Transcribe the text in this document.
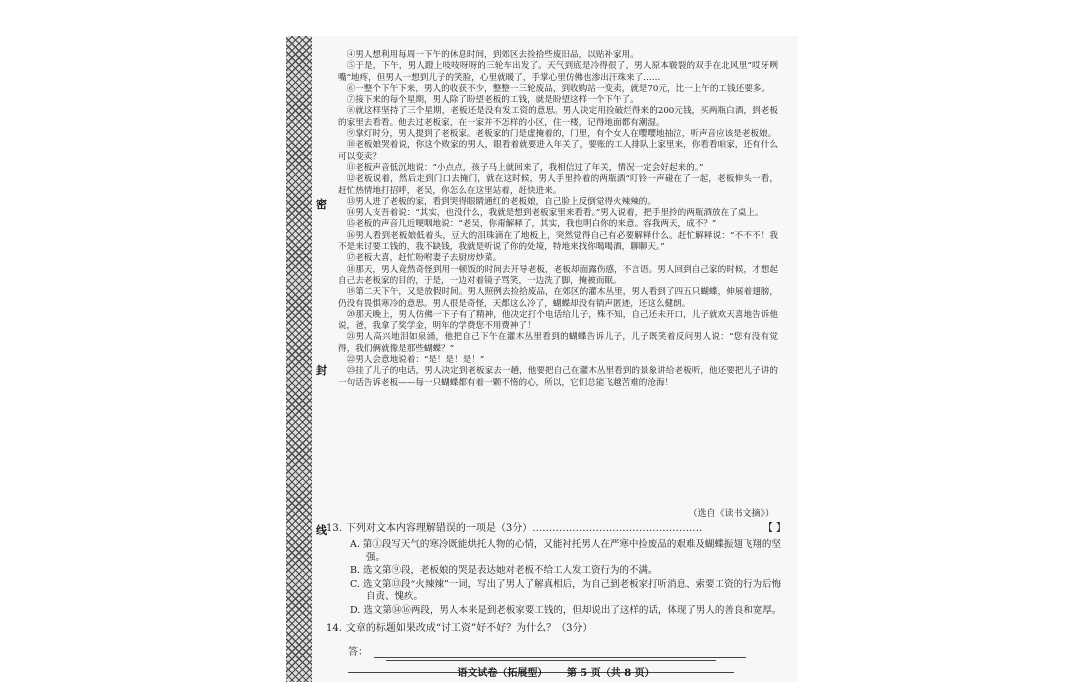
密
封
线

④男人想利用每周一下午的休息时间，到郊区去捡拾些废旧品，以贴补家用。

⑤于是，下午，男人蹬上吱吱呀呀的三轮车出发了。天气到底是冷得很了，男人原本皲裂的双手在北风里“哎牙咧嘴”地疼，但男人一想到儿子的笑脸，心里就暖了，手掌心里仿佛也渗出汗珠来了……

⑥一整个下午下来，男人的收获不少，整整一三轮废品，到收购站一变卖，就是70元，比一上午的工钱还要多。

⑦接下来的每个星期，男人除了盼望老板的工钱，就是盼望这样一个下午了。

⑧就这样坚持了三个星期，老板还是没有发工资的意思。男人决定用捡破烂得来的200元钱，买两瓶白酒，到老板的家里去看看。他去过老板家，在一家并不怎样的小区，住一楼，记得地面都有潮湿。

⑨掌灯时分，男人提到了老板家。老板家的门是虚掩着的，门里，有个女人在嘤嘤地抽泣，听声音应该是老板娘。

⑩老板娘哭着说，你这个败家的男人，眼看着就要进入年关了，要账的工人排队上家里来，你看看咱家，还有什么可以变卖？

⑪老板声音低沉地说：“小点点，孩子马上就回来了，我相信过了年关，情况一定会好起来的。”

⑫老板说着，然后走到门口去掩门，就在这时候，男人手里拎着的两瓶酒“叮铃一声碰在了一起，老板伸头一看，赶忙热情地打招呼，老吴，你怎么在这里站着，赶快进来。

⑬男人进了老板的家，看到哭得眼睛通红的老板娘，自己脸上反倒觉得火辣辣的。

⑭男人支吾着说：“其实，也没什么，我就是想到老板家里来看看。”男人说着，把手里拎的两瓶酒放在了桌上。

⑮老板的声音几近哽咽地说：“老吴，你甭解释了，其实，我也明白你的来意。容我两天，成不？”

⑯男人看到老板娘低着头，豆大的泪珠滴在了地板上，突然觉得自己有必要解释什么。赶忙解释说：“不不不！我不是来讨要工钱的，我不缺钱，我就是听说了你的处境，特地来找你喝喝酒，聊聊天。”

⑰老板大喜，赶忙吩咐妻子去厨房炒菜。

⑱那天，男人竟然奇怪到用一顿饭的时间去开导老板，老板却面露伤感，不言语。男人回到自己家的时候，才想起自己去老板家的目的，于是，一边对着镜子骂笑，一边洗了脚，掩被而眠。

⑲第二天下午，又是放假时间。男人照例去捡拾废品，在郊区的灌木丛里，男人看到了四五只蝴蝶，伸展着翅膀，仍没有畏惧寒冷的意思。男人很是奇怪，天都这么冷了，蝴蝶却没有销声匿迹，还这么健朗。

⑳那天晚上，男人仿佛一下子有了精神，他决定打个电话给儿子，殊不知，自己还未开口，儿子就欢天喜地告诉他说，爸，我拿了奖学金，明年的学费您不用费神了！

㉑男人高兴地泪如泉涌，他把自己下午在灌木丛里看到的蝴蝶告诉儿子，儿子既笑着反问男人说：“您有没有觉得，我们俩就像是那些蝴蝶？”

㉒男人会意地说着：“是！是！是！”

㉓挂了儿子的电话，男人决定到老板家去一趟，他要把自己在灌木丛里看到的景象讲给老板听，他还要把儿子讲的一句话告诉老板——每一只蝴蝶都有着一颗不惰的心，所以，它们总能飞越苦难的沧海！

（选自《读书文摘》）
13. 下列对文本内容理解错误的一项是（3分）……………………………………………	【 】
A. 第①段写天气的寒冷既能烘托人物的心情，又能衬托男人在严寒中捡废品的艰难及蝴蝶振翅飞翔的坚强。
B. 选文第⑨段，老板娘的哭是表达她对老板不给工人发工资行为的不满。
C. 选文第⑬段“火辣辣”一词，写出了男人了解真相后，为自己到老板家打听消息、索要工资的行为后悔自责、愧疚。
D. 选文第⑭⑯两段，男人本来是到老板家要工钱的，但却说出了这样的话，体现了男人的善良和宽厚。
14. 文章的标题如果改成“讨工资”好不好？为什么？（3分）
答：
语文试卷（拓展型） 第 5 页（共 8 页）
